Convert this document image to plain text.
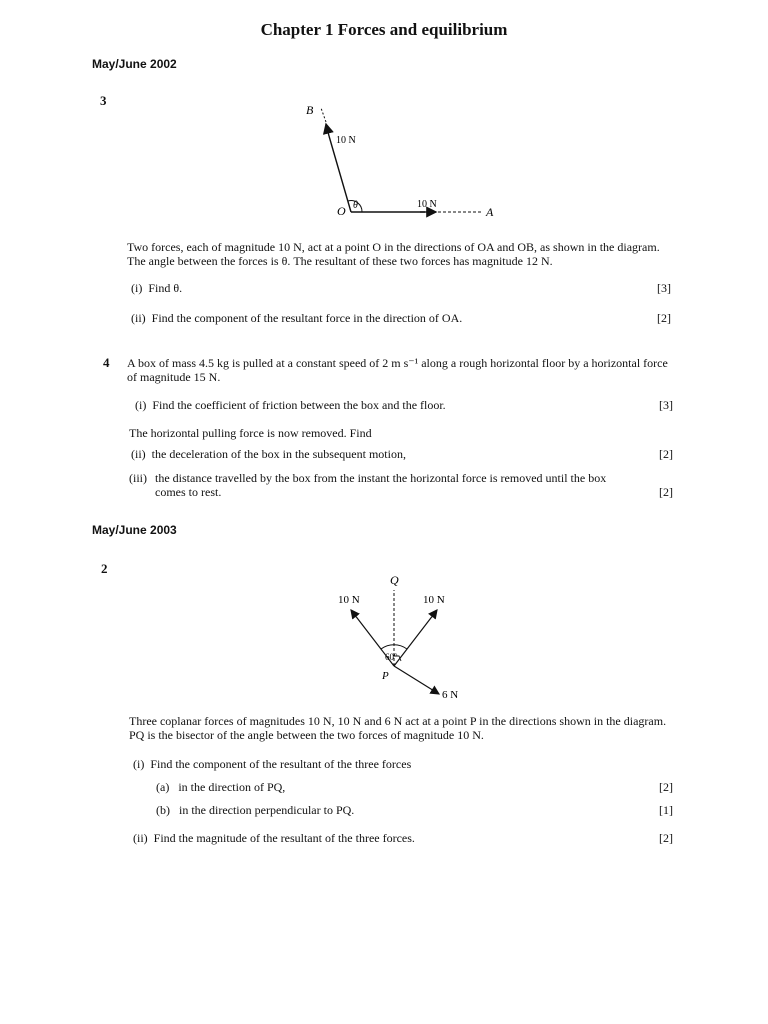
Chapter 1 Forces and equilibrium
May/June 2002
3
θ
B
10 N
O	10 N
A
Two forces, each of magnitude 10 N, act at a point O in the directions of OA and OB, as shown in the diagram. The angle between the forces is θ. The resultant of these two forces has magnitude 12 N.
(i) Find θ.	[3]
(ii) Find the component of the resultant force in the direction of OA.	[2]
4 A box of mass 4.5 kg is pulled at a constant speed of 2 m s⁻¹ along a rough horizontal floor by a horizontal force of magnitude 15 N.
(i) Find the coefficient of friction between the box and the floor.	[3]
The horizontal pulling force is now removed. Find
(ii) the deceleration of the box in the subsequent motion,	[2]
(iii) the distance travelled by the box from the instant the horizontal force is removed until the box
comes to rest.	[2]
May/June 2003
2
Q
10 N	10 N
60°
P
6 N
Three coplanar forces of magnitudes 10 N, 10 N and 6 N act at a point P in the directions shown in the diagram. PQ is the bisector of the angle between the two forces of magnitude 10 N.
(i) Find the component of the resultant of the three forces
(a) in the direction of PQ,	[2]
(b) in the direction perpendicular to PQ.	[1]
(ii) Find the magnitude of the resultant of the three forces.	[2]
